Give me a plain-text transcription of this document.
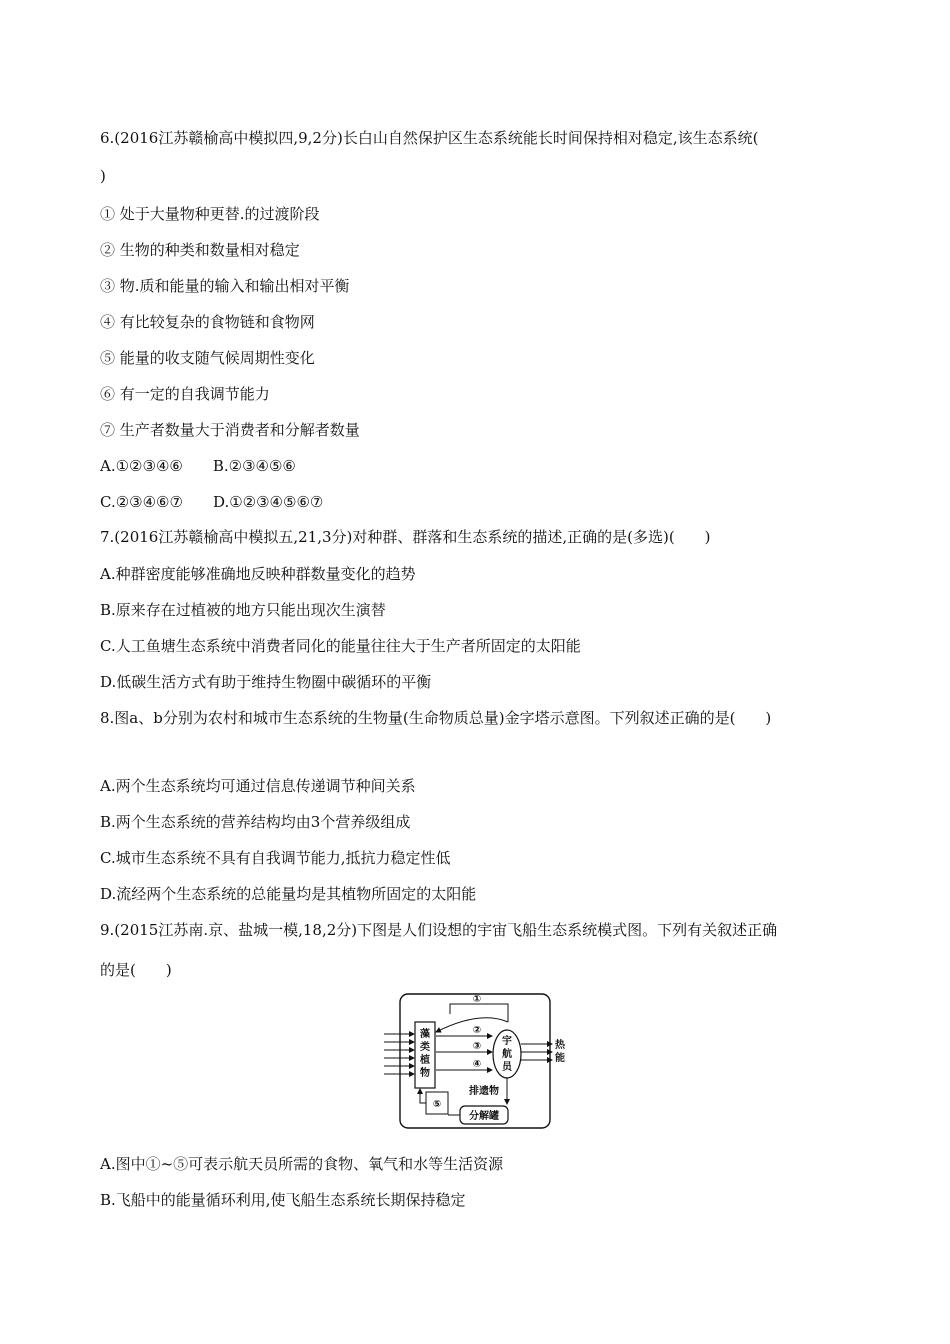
6.(2016江苏赣榆高中模拟四,9,2分)长白山自然保护区生态系统能长时间保持相对稳定,该生态系统(
)
① 处于大量物种更替.的过渡阶段
② 生物的种类和数量相对稳定
③ 物.质和能量的输入和输出相对平衡
④ 有比较复杂的食物链和食物网
⑤ 能量的收支随气候周期性变化
⑥ 有一定的自我调节能力
⑦ 生产者数量大于消费者和分解者数量
A.①②③④⑥ B.②③④⑤⑥
C.②③④⑥⑦ D.①②③④⑤⑥⑦
7.(2016江苏赣榆高中模拟五,21,3分)对种群、群落和生态系统的描述,正确的是(多选)(　　)
A.种群密度能够准确地反映种群数量变化的趋势
B.原来存在过植被的地方只能出现次生演替
C.人工鱼塘生态系统中消费者同化的能量往往大于生产者所固定的太阳能
D.低碳生活方式有助于维持生物圈中碳循环的平衡
8.图a、b分别为农村和城市生态系统的生物量(生命物质总量)金字塔示意图。下列叙述正确的是(　　)
A.两个生态系统均可通过信息传递调节种间关系
B.两个生态系统的营养结构均由3个营养级组成
C.城市生态系统不具有自我调节能力,抵抗力稳定性低
D.流经两个生态系统的总能量均是其植物所固定的太阳能
9.(2015江苏南.京、盐城一模,18,2分)下图是人们设想的宇宙飞船生态系统模式图。下列有关叙述正确
的是(　　)
藻
类
植
物
①
宇
航
员
②
③
④
热
能
排遗物
分解罐
⑤
A.图中①~⑤可表示航天员所需的食物、氧气和水等生活资源
B.飞船中的能量循环利用,使飞船生态系统长期保持稳定
